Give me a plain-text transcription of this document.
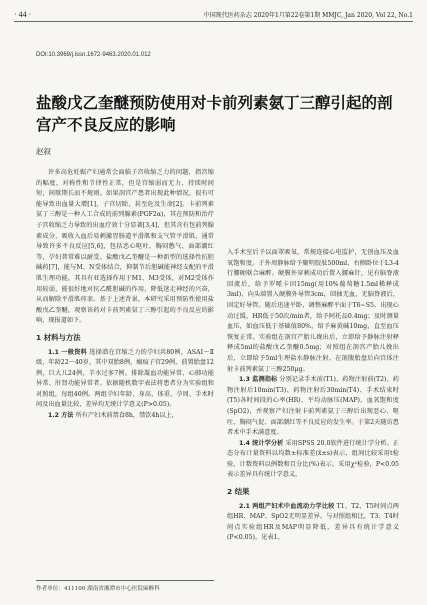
· 44 ·	中国现代医药杂志 2020年1月第22卷第1期 MMJC, Jan 2020, Vol 22, No.1
DOI:10.3969/j.issn.1672-9463.2020.01.012
盐酸戊乙奎醚预防使用对卡前列素氨丁三醇引起的剖宫产不良反应的影响
赵叙

许多高危妊娠产妇通常会面临子宫收缩乏力的问题，指宫缩的幅度、对称性和节律性正常，但是宫缩弱而无力，持续时间短，间歇期长而不规则。如果剖宫产患者出现此种情况，很有可能导致出血量大增[1]，子宫切除，甚至危及生命[2]。卡前列素氨丁三醇是一种人工合成的前列腺素(PGF2α)，其在预防和治疗子宫收缩乏力导致的出血疗效十分显著[3,4]，但其含有包前列腺素成分，吸收入血后易刺激胃肠道平滑肌和支气管平滑肌，通常导致许多不良反应[5,6]，包括恶心呕吐、胸闷憋气、面部潮红等，孕妇普常难以耐受。盐酸戊乙奎醚是一种新型的选择性抗胆碱药[7]，能与M、N受体结合，抑制节后胆碱能神经支配的平滑肌生理功能，其具有亚选择作用于M1、M3受体，对M2受体作用较弱，能很好地对抗乙酰胆碱的作用，降低迷走神经的兴奋，从而解除平滑肌痉挛。基于上述背景，本研究采用预防性使用盐酸戊乙奎醚，观察该药对卡前列素氨丁三醇引起的不良反应的影响，现报道如下。

1 材料与方法

1.1 一般资料 选择潜在宫缩乏力的孕妇共80例，ASAⅠ～Ⅱ级，年龄22～40岁，其中双胎8例，瘢痕子宫29例，前置胎盘12例，巨大儿24例，羊水过多7例。排除凝血功能异常、心肺功能异常、肝肾功能异常者。依据随机数字表法将患者分为实验组和对照组，每组40例。两组孕妇年龄、身高、体重、孕周、手术时间及出血量比较，差异均无统计学意义(P>0.05)。

1.2 方法 所有产妇术前禁食8h，禁饮4h以上，

入手术室后予以面罩吸氧，常规连接心电监护，无创血压及血氧饱和度。于外周静脉给予聚明胶肽500ml，右侧卧位于L3-4行腰硬联合麻醉。硬膜外穿刺成功后置入腰麻针，见有脑脊液回流后，给予罗哌卡因15mg(用10%葡萄糖1.5ml稀释成3ml)，向头端置入硬膜外导管3cm，回抽无血，无脑脊液后，固定好导管。随后迅速平卧，调整麻醉平面于T6~S5。出现心动过缓，HR低于50次/min者，给予阿托品0.4mg；及时测量血压，如血压低于基础值80%，给予麻黄碱10mg，直至血压恢复正常。实验组在剖宫产胎儿娩出后，立即给予静脉注射释释成5ml的盐酸戊乙奎醚0.5mg；对照组在剖宫产胎儿娩出后，立即给予5ml生理盐水静脉注射。在剖腹胎盘后向宫体注射卡前列素氨丁三醇250μg。

1.3 监测指标 分别记录手术前(T1)、药物注射前(T2)、药物注射后10min(T3)、药物注射后30min(T4)、手术结束时(T5)各时间段的心率(HR)、平均动脉压(MAP)、血氧饱和度(SpO2)，并观察产妇注射卡前列素氨丁三醇后出现恶心、呕吐、胸闷气促、面部潮红等不良反应的发生率。于第2天随访患者术中手术满意度。

1.4 统计学分析 采用SPSS 20.0软件进行统计学分析。正态分布计量资料以均数±标准差(x̄±s)表示，组间比较采用t检验，计数资料以例数和百分比(%)表示，采用χ²检验，P<0.05表示差异具有统计学意义。

2 结果

2.1 两组产妇术中血流动力学比较 T1、T2、T5时间点两组HR、MAP、SpO2无明显差异。与对照组相比，T3、T4时间点实验组HR及MAP明显降低，差异具有统计学意义(P<0.05)，见表1。

作者单位：411100 湖南省湘潭市中心医院麻醉科
